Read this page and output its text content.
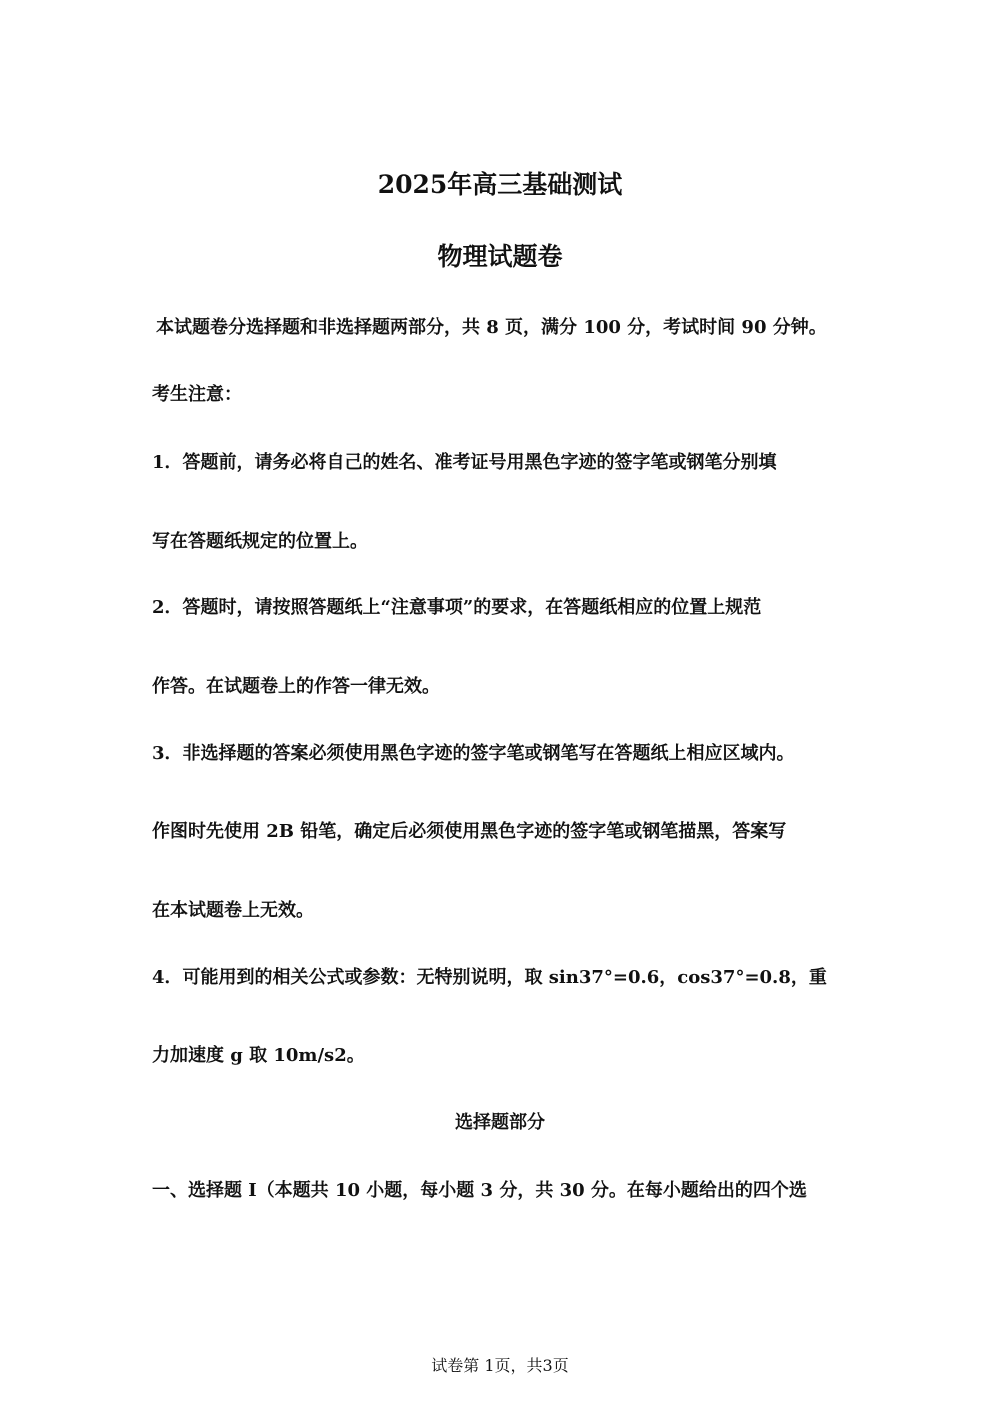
2025年高三基础测试
物理试题卷
本试题卷分选择题和非选择题两部分，共 8 页，满分 100 分，考试时间 90 分钟。
考生注意：
1．答题前，请务必将自己的姓名、准考证号用黑色字迹的签字笔或钢笔分别填
写在答题纸规定的位置上。
2．答题时，请按照答题纸上“注意事项”的要求，在答题纸相应的位置上规范
作答。在试题卷上的作答一律无效。
3．非选择题的答案必须使用黑色字迹的签字笔或钢笔写在答题纸上相应区域内。
作图时先使用 2B 铅笔，确定后必须使用黑色字迹的签字笔或钢笔描黑，答案写
在本试题卷上无效。
4．可能用到的相关公式或参数：无特别说明，取 sin37°=0.6，cos37°=0.8，重
力加速度 g 取 10m/s2。
选择题部分
一、选择题 I（本题共 10 小题，每小题 3 分，共 30 分。在每小题给出的四个选
试卷第 1页，共3页
